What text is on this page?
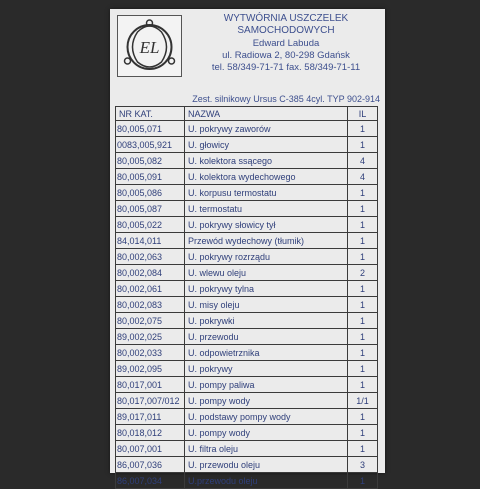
EL
WYTWÓRNIA USZCZELEK
SAMOCHODOWYCH
Edward Labuda
ul. Radiowa 2, 80-298 Gdańsk
tel. 58/349-71-71 fax. 58/349-71-11
Zest. silnikowy Ursus C-385 4cyl. TYP 902-914
NR KAT.	NAZWA	IL
80,005,071	U. pokrywy zaworów	1
0083,005,921	U. głowicy	1
80,005,082	U. kolektora ssącego	4
80,005,091	U. kolektora wydechowego	4
80,005,086	U. korpusu termostatu	1
80,005,087	U. termostatu	1
80,005,022	U. pokrywy słowicy tył	1
84,014,011	Przewód wydechowy (tłumik)	1
80,002,063	U. pokrywy rozrządu	1
80,002,084	U. wlewu oleju	2
80,002,061	U. pokrywy tylna	1
80,002,083	U. misy oleju	1
80,002,075	U. pokrywki	1
89,002,025	U. przewodu	1
80,002,033	U. odpowietrznika	1
89,002,095	U. pokrywy	1
80,017,001	U. pompy paliwa	1
80,017,007/012	U. pompy wody	1/1
89,017,011	U. podstawy pompy wody	1
80,018,012	U. pompy wody	1
80,007,001	U. filtra oleju	1
86,007,036	U. przewodu oleju	3
86,007,034	U.przewodu oleju	1
